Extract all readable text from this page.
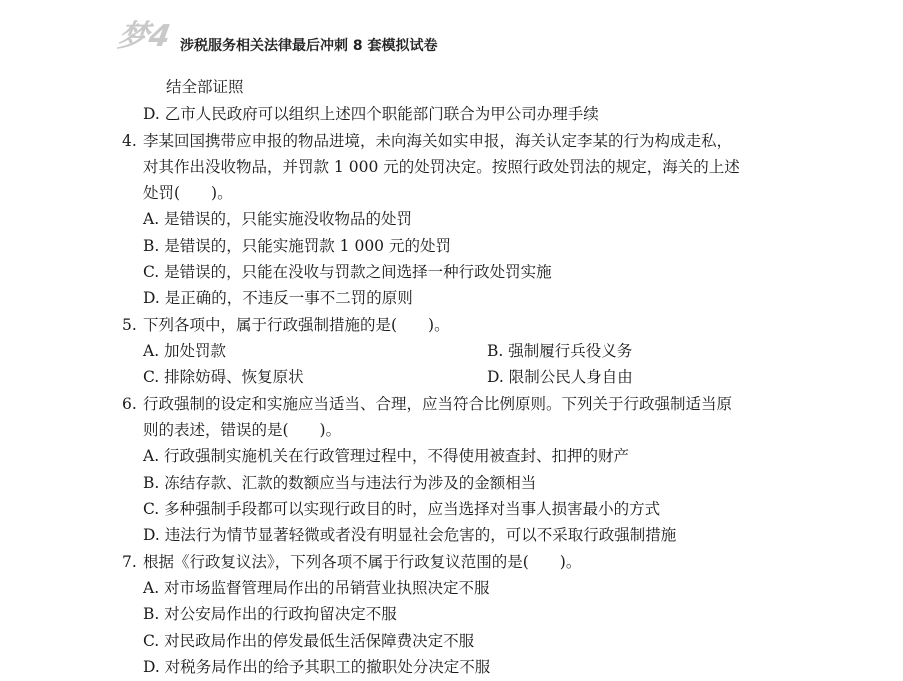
梦4 涉税服务相关法律最后冲刺 8 套模拟试卷
结全部证照
D. 乙市人民政府可以组织上述四个职能部门联合为甲公司办理手续
4. 李某回国携带应申报的物品进境，未向海关如实申报，海关认定李某的行为构成走私，
对其作出没收物品，并罚款 1 000 元的处罚决定。按照行政处罚法的规定，海关的上述
处罚(　　)。
A. 是错误的，只能实施没收物品的处罚
B. 是错误的，只能实施罚款 1 000 元的处罚
C. 是错误的，只能在没收与罚款之间选择一种行政处罚实施
D. 是正确的，不违反一事不二罚的原则
5. 下列各项中，属于行政强制措施的是(　　)。
A. 加处罚款	B. 强制履行兵役义务
C. 排除妨碍、恢复原状	D. 限制公民人身自由
6. 行政强制的设定和实施应当适当、合理，应当符合比例原则。下列关于行政强制适当原
则的表述，错误的是(　　)。
A. 行政强制实施机关在行政管理过程中，不得使用被查封、扣押的财产
B. 冻结存款、汇款的数额应当与违法行为涉及的金额相当
C. 多种强制手段都可以实现行政目的时，应当选择对当事人损害最小的方式
D. 违法行为情节显著轻微或者没有明显社会危害的，可以不采取行政强制措施
7. 根据《行政复议法》，下列各项不属于行政复议范围的是(　　)。
A. 对市场监督管理局作出的吊销营业执照决定不服
B. 对公安局作出的行政拘留决定不服
C. 对民政局作出的停发最低生活保障费决定不服
D. 对税务局作出的给予其职工的撤职处分决定不服
